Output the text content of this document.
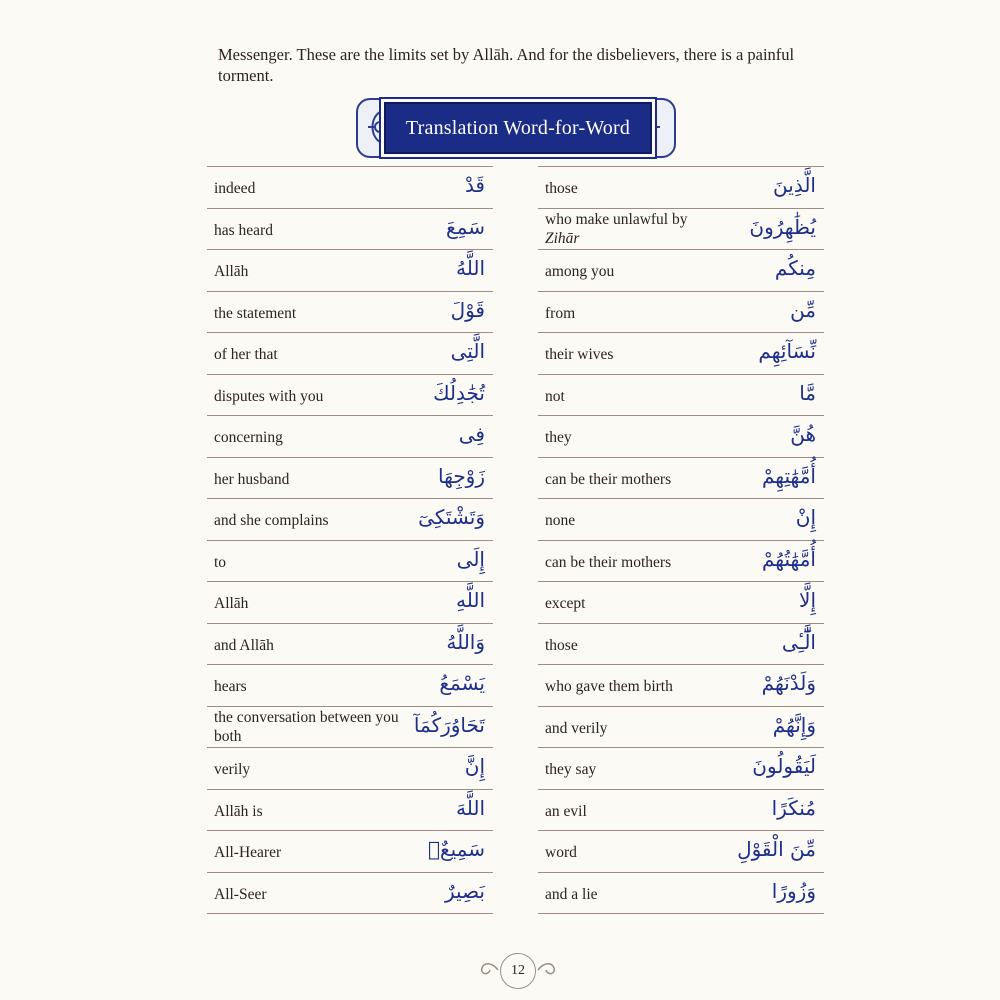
Messenger. These are the limits set by Allāh. And for the disbelievers, there is a painful torment.
Translation Word-for-Word
indeed	قَدْ
has heard	سَمِعَ
Allāh	اللَّهُ
the statement	قَوْلَ
of her that	الَّتِى
disputes with you	تُجَٰدِلُكَ
concerning	فِى
her husband	زَوْجِهَا
and she complains	وَتَشْتَكِىٓ
to	إِلَى
Allāh	اللَّهِ
and Allāh	وَاللَّهُ
hears	يَسْمَعُ
the conversation between you both	تَحَاوُرَكُمَآ
verily	إِنَّ
Allāh is	اللَّهَ
All-Hearer	سَمِيعٌۢ
All-Seer	بَصِيرٌ
those	الَّذِينَ
who make unlawful by
Zihār	يُظَٰهِرُونَ
among you	مِنكُم
from	مِّن
their wives	نِّسَآئِهِم
not	مَّا
they	هُنَّ
can be their mothers	أُمَّهَٰتِهِمْ
none	إِنْ
can be their mothers	أُمَّهَٰتُهُمْ
except	إِلَّا
those	الَّٰٓـِٔى
who gave them birth	وَلَدْنَهُمْ
and verily	وَإِنَّهُمْ
they say	لَيَقُولُونَ
an evil	مُنكَرًا
word	مِّنَ الْقَوْلِ
and a lie	وَزُورًا
12
